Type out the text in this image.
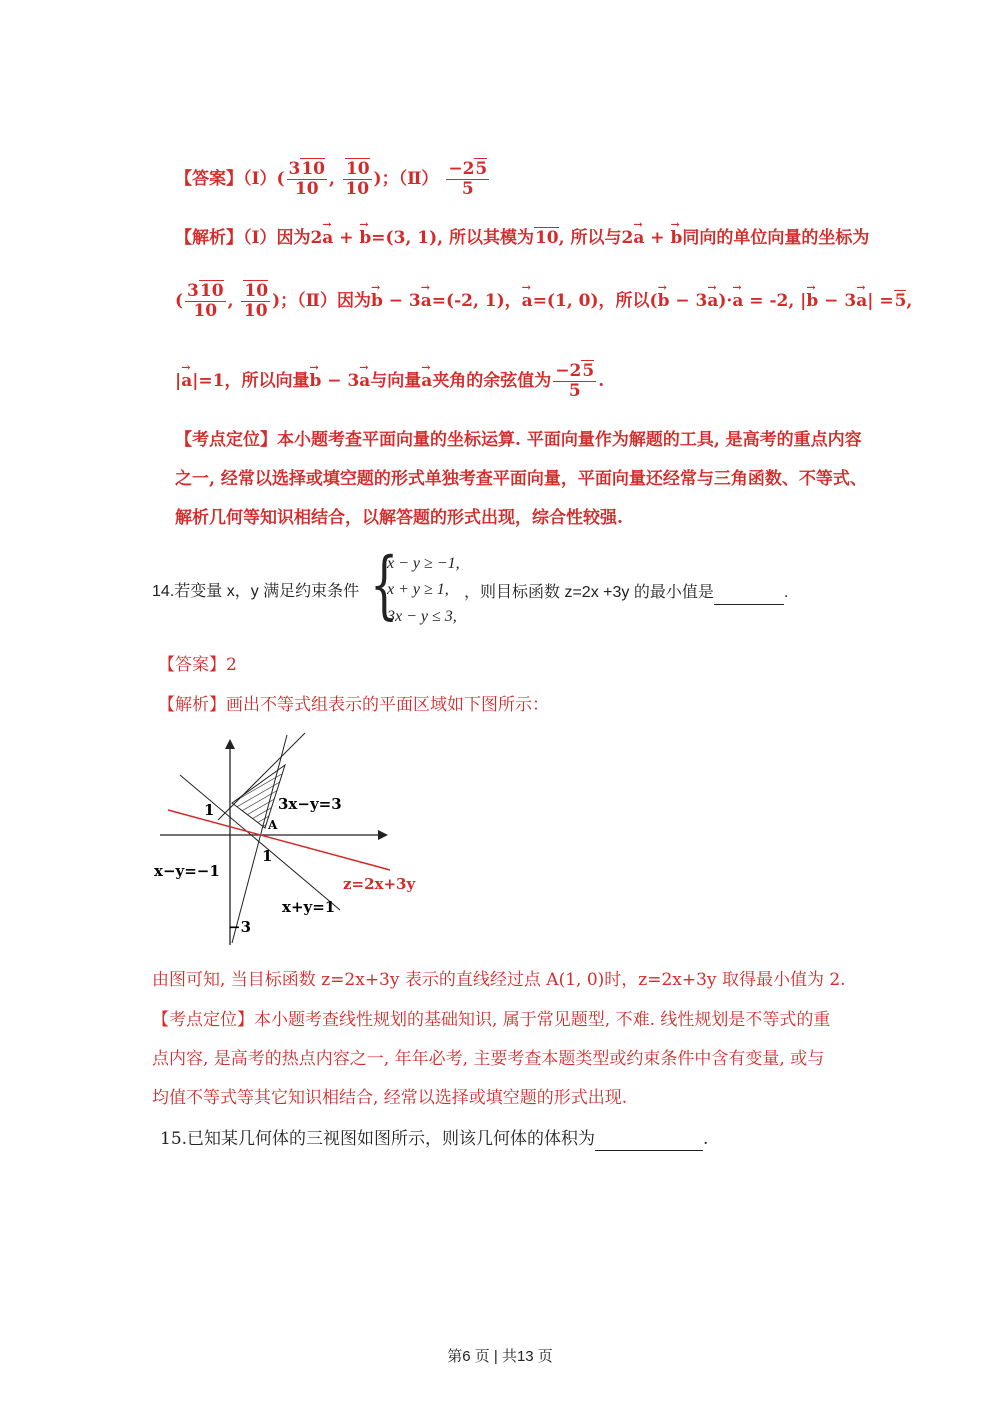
【答案】（Ⅰ）( $\frac{310}{10}$ , $\frac{10}{10}$ )；（Ⅱ） $\frac{-25}{5}$
【解析】（Ⅰ）因为2→ a + → b=(3, 1), 所以其模为10, 所以与2→ a + → b同向的单位向量的坐标为
( $\frac{310}{10}$ , $\frac{10}{10}$ )；（Ⅱ）因为→ b − 3→ a=(-2, 1)，→ a=(1, 0)，所以(→ b − 3→ a)·→ a = -2, |→ b − 3→ a| =5,
|→ a|=1，所以向量→ b − 3→ a与向量→ a夹角的余弦值为 $\frac{-25}{5}$ .
【考点定位】本小题考查平面向量的坐标运算. 平面向量作为解题的工具, 是高考的重点内容
之一, 经常以选择或填空题的形式单独考查平面向量，平面向量还经常与三角函数、不等式、
解析几何等知识相结合，以解答题的形式出现，综合性较强.
14.若变量 x，y 满足约束条件 {
x − y ≥ −1,
x + y ≥ 1,
3x − y ≤ 3,
，则目标函数 z=2x +3y 的最小值是	.
【答案】2
【解析】画出不等式组表示的平面区域如下图所示：
1
1
A
−3
3x−y=3
x−y=−1
x+y=1
z=2x+3y
由图可知, 当目标函数 z=2x+3y 表示的直线经过点 A(1, 0)时，z=2x+3y 取得最小值为 2.
【考点定位】本小题考查线性规划的基础知识, 属于常见题型, 不难. 线性规划是不等式的重
点内容, 是高考的热点内容之一, 年年必考, 主要考查本题类型或约束条件中含有变量, 或与
均值不等式等其它知识相结合, 经常以选择或填空题的形式出现.
15.已知某几何体的三视图如图所示，则该几何体的体积为	.
第6 页 | 共13 页
